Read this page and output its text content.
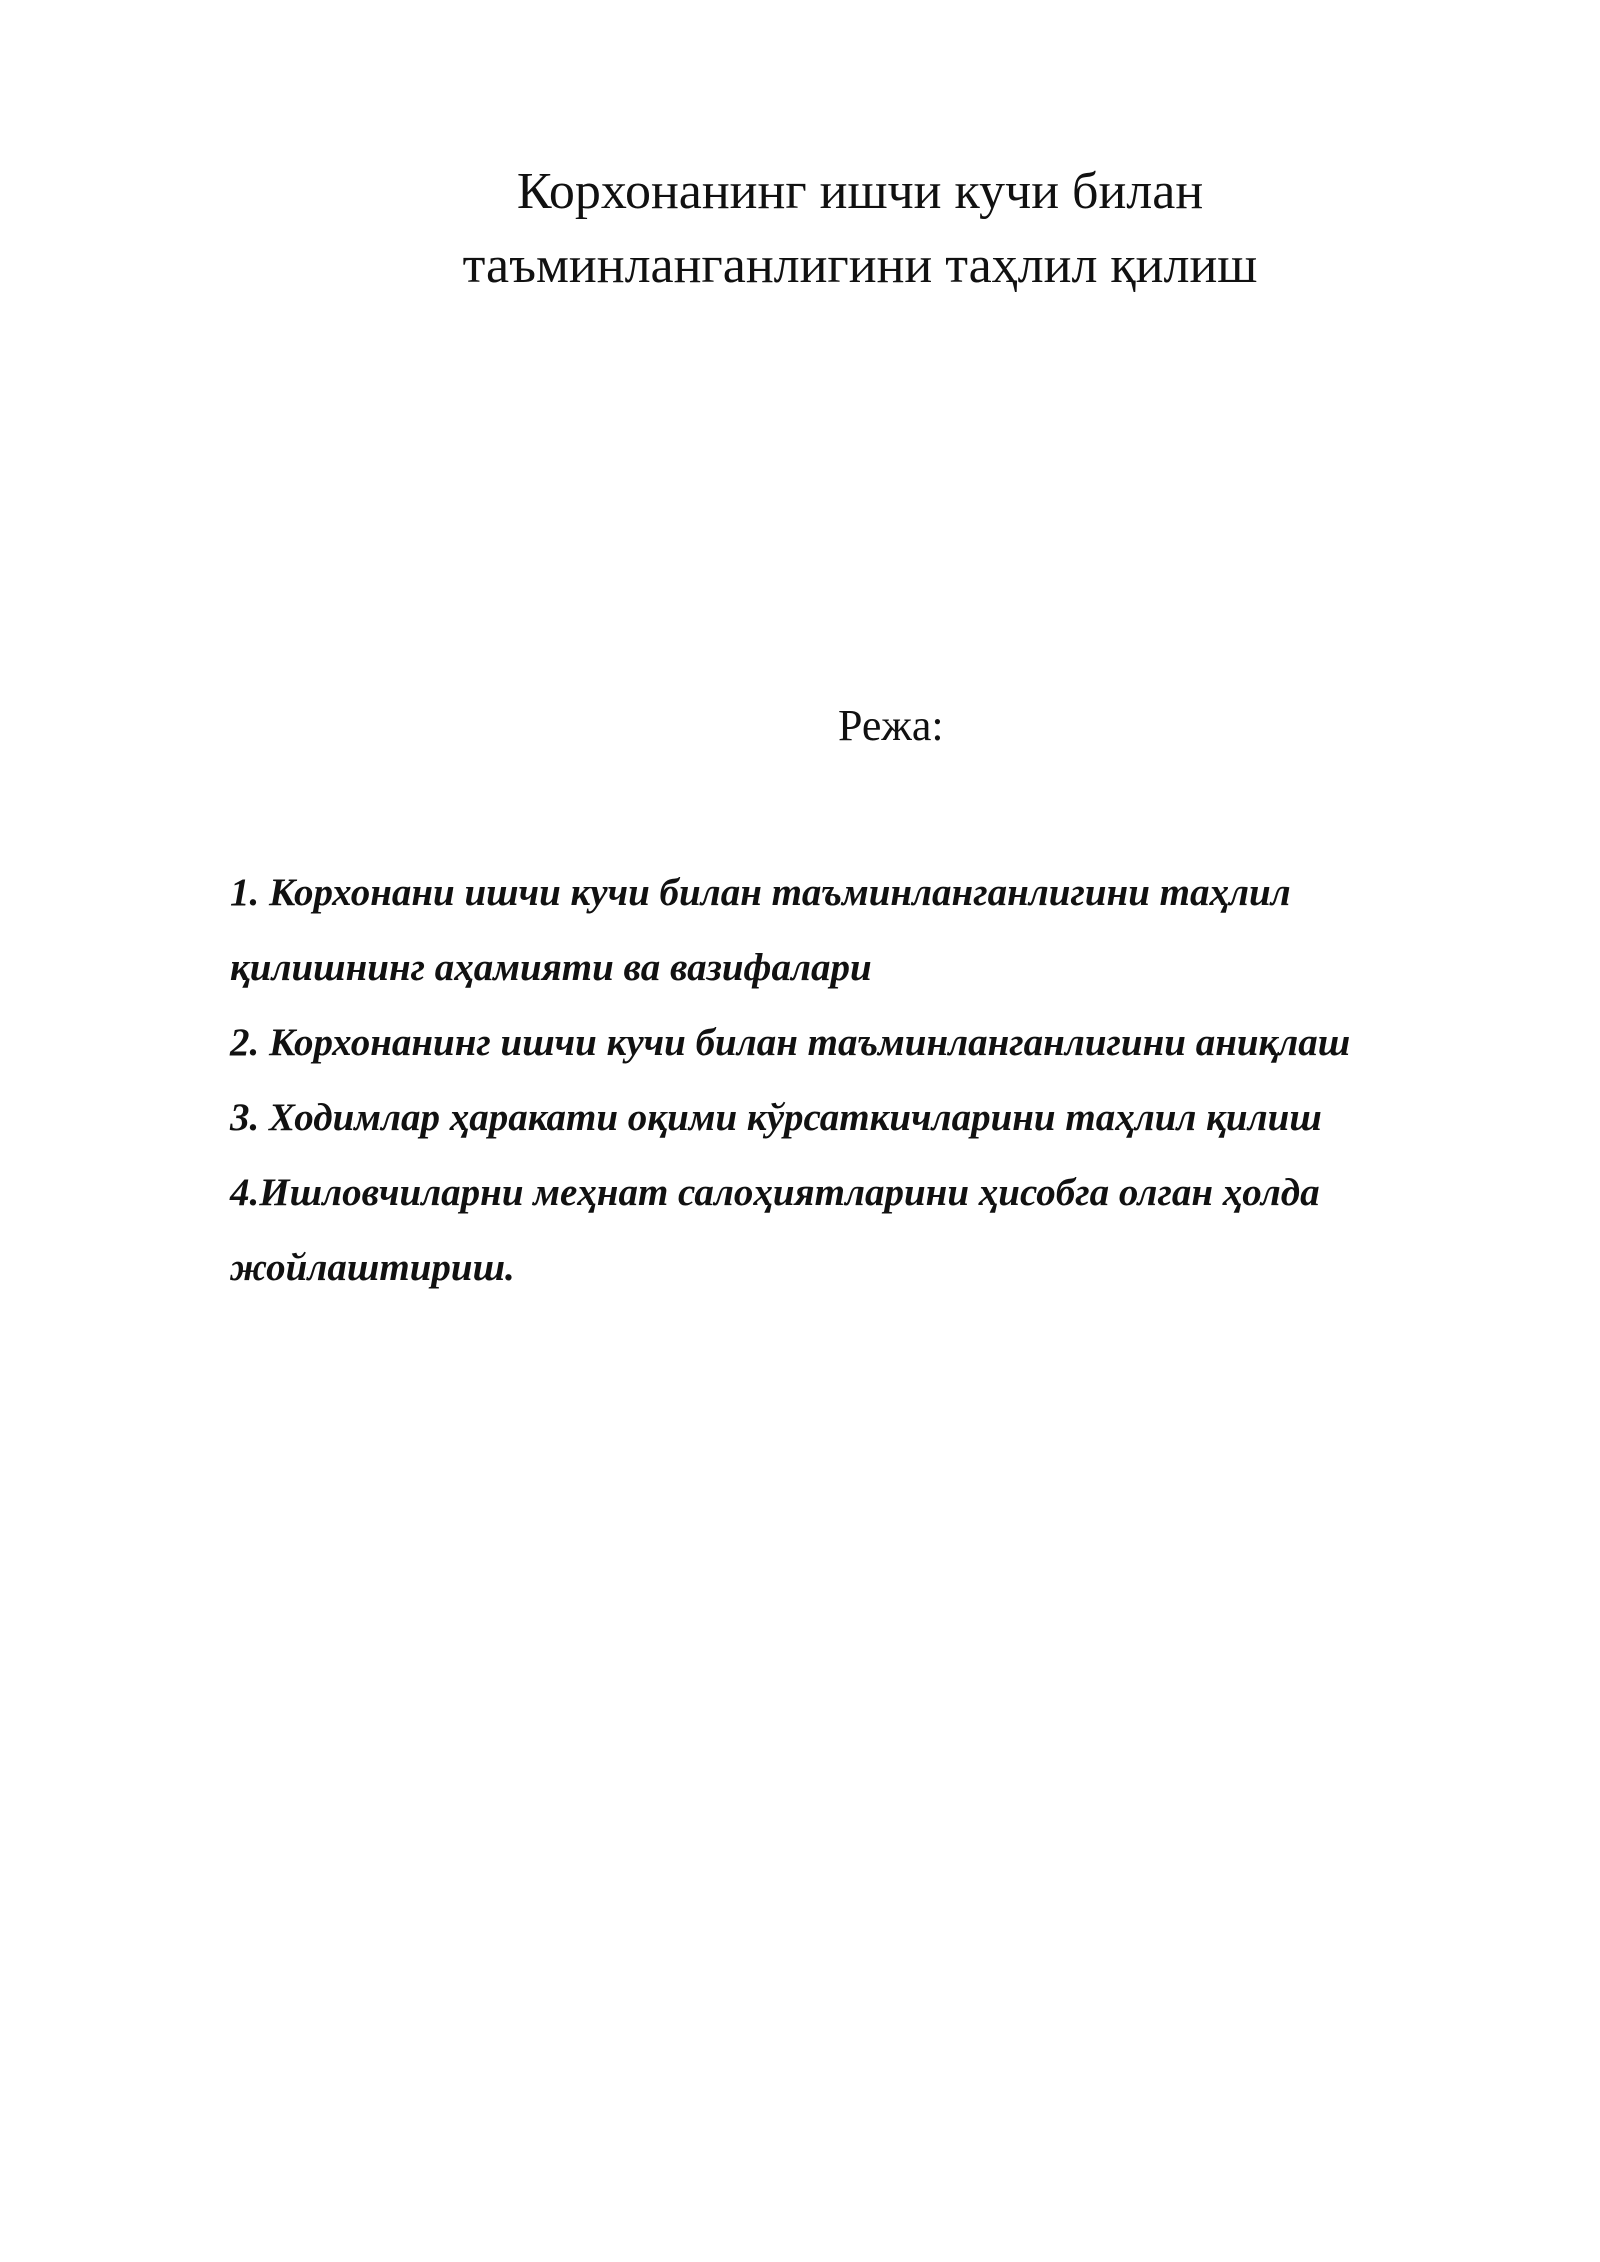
Корхонанинг ишчи кучи билан
таъминланганлигини таҳлил қилиш
Режа:
1. Корхонани ишчи кучи билан таъминланганлигини таҳлил
қилишнинг аҳамияти ва вазифалари
2. Корхонанинг ишчи кучи билан таъминланганлигини аниқлаш
3. Ходимлар ҳаракати оқими кўрсаткичларини таҳлил қилиш
4.Ишловчиларни меҳнат салоҳиятларини ҳисобга олган ҳолда
жойлаштириш.
